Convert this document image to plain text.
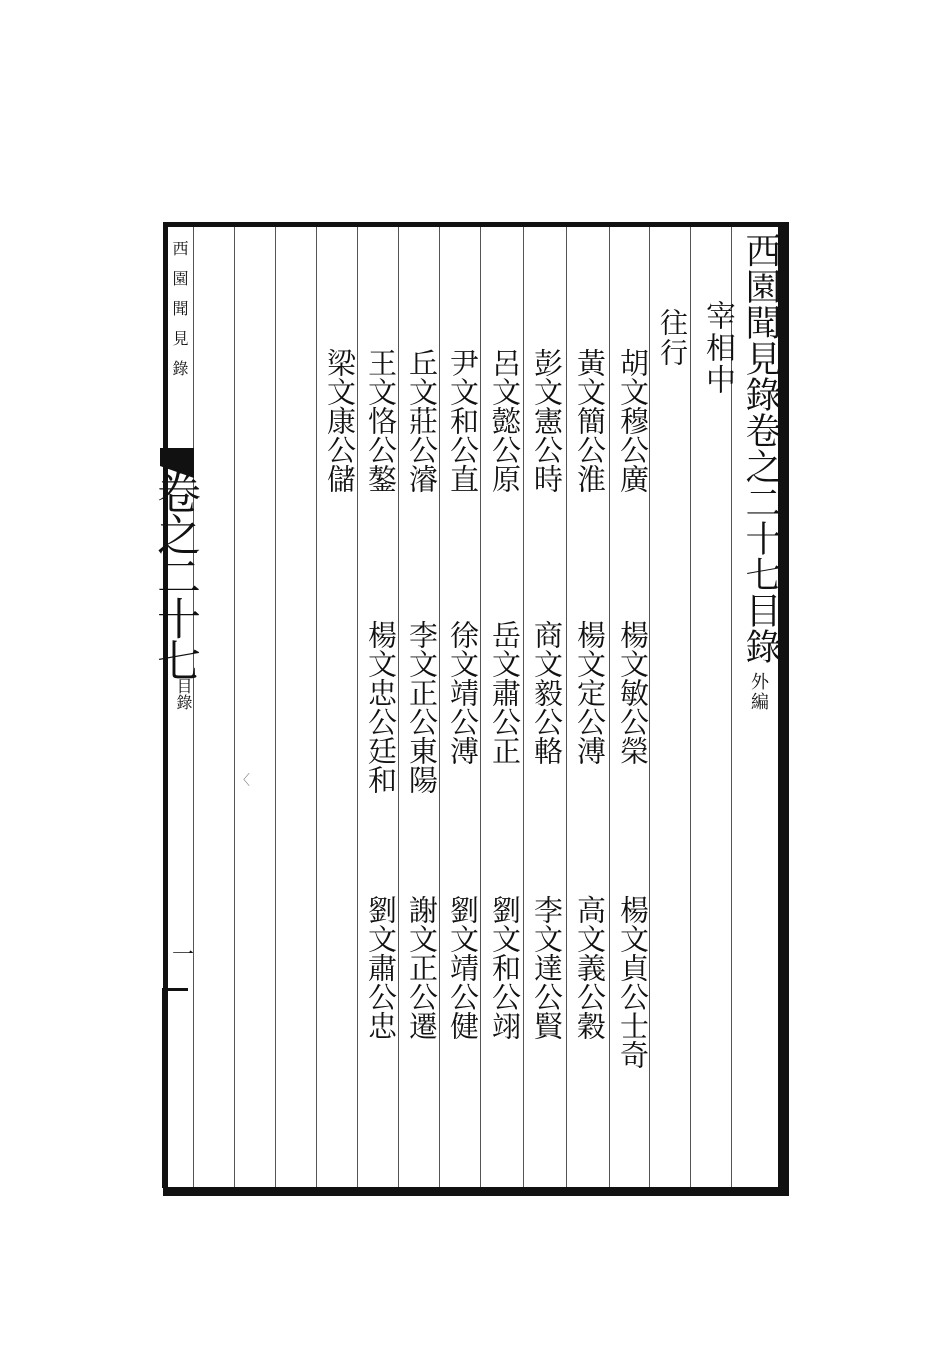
西園聞見錄
卷之二十七
目錄
一
〈
西園聞見錄卷之二十七目錄
外編
宰相中
往行
胡文穆公廣
楊文敏公榮
楊文貞公士奇
黃文簡公淮
楊文定公溥
高文義公穀
彭文憲公時
商文毅公輅
李文達公賢
呂文懿公原
岳文肅公正
劉文和公翊
尹文和公直
徐文靖公溥
劉文靖公健
丘文莊公濬
李文正公東陽
謝文正公遷
王文恪公鏊
楊文忠公廷和
劉文肅公忠
梁文康公儲
